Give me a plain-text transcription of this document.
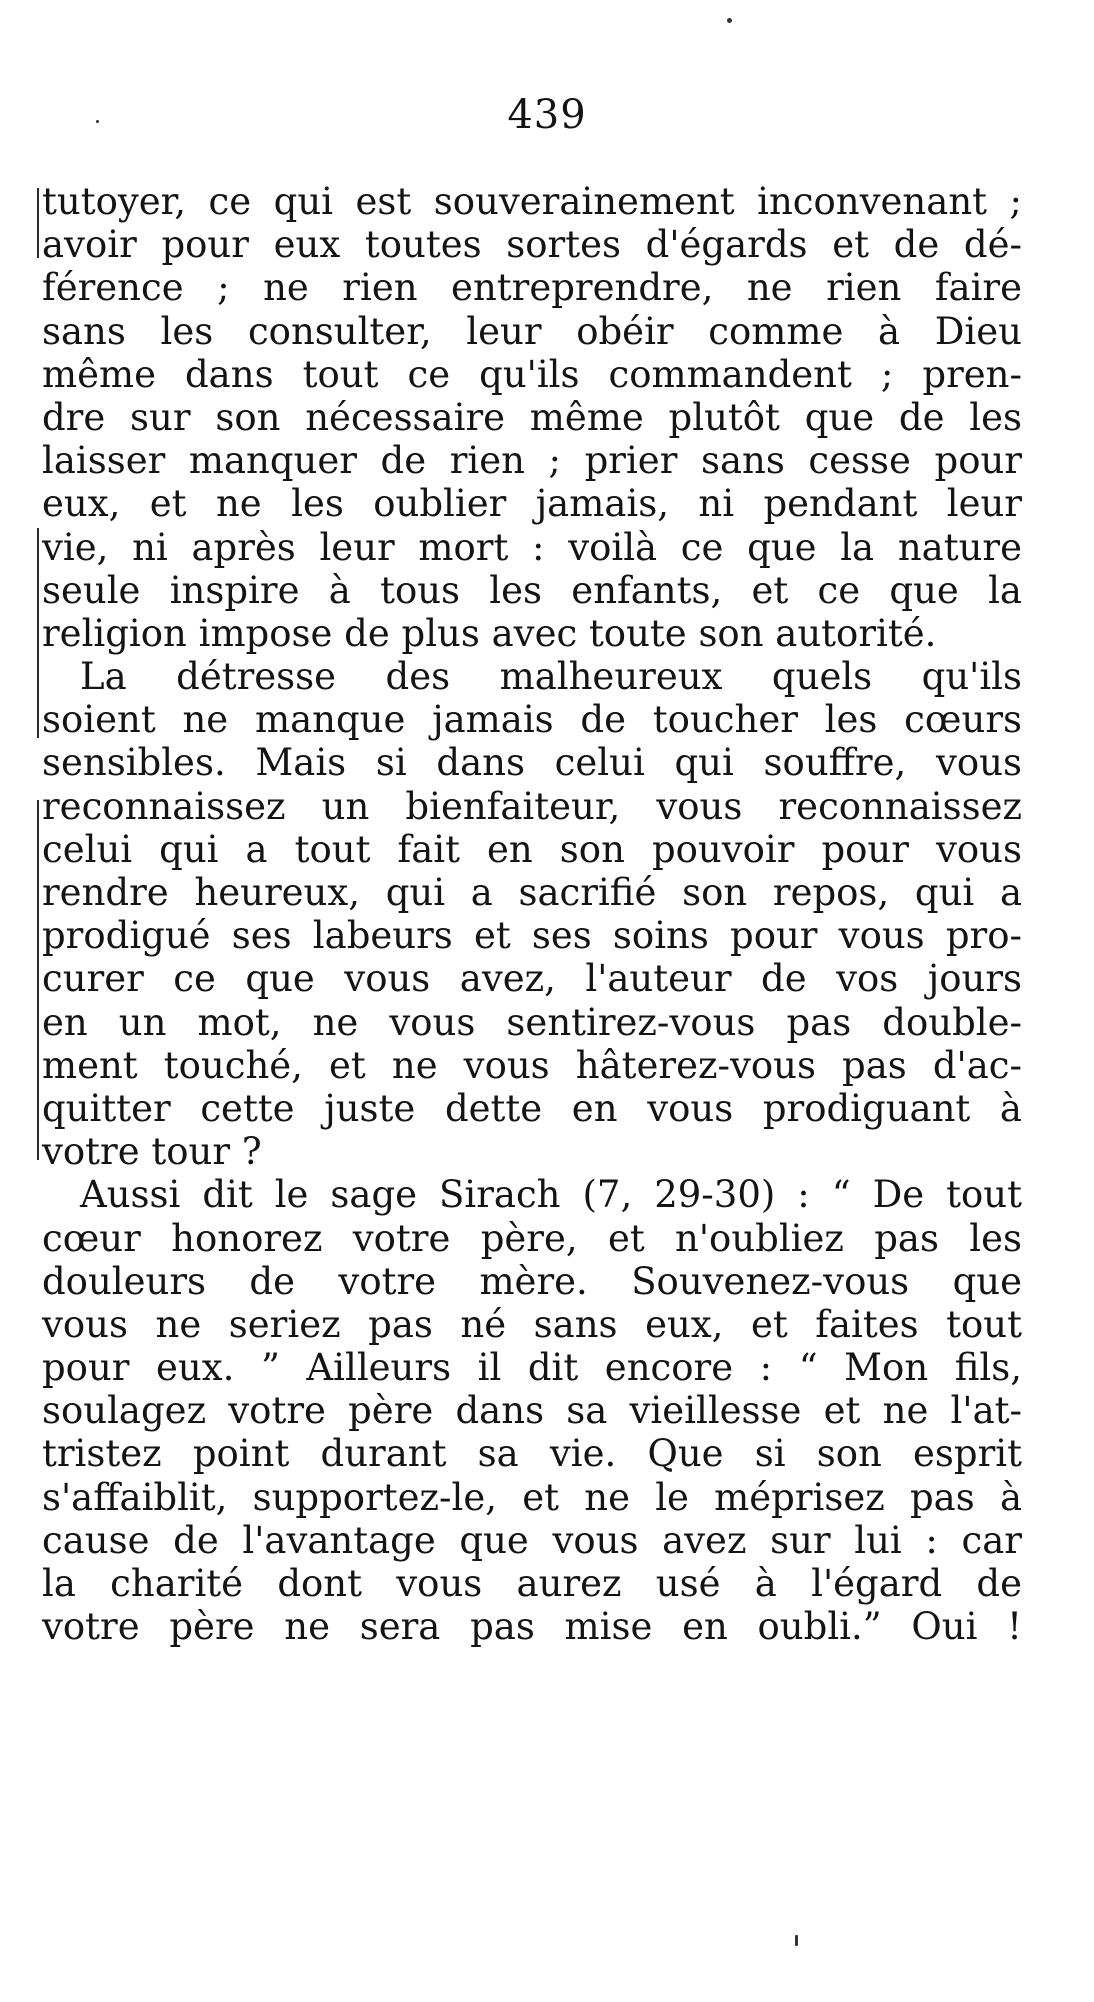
439
tutoyer, ce qui est souverainement inconvenant ;
avoir pour eux toutes sortes d'égards et de dé-
férence ; ne rien entreprendre, ne rien faire
sans les consulter, leur obéir comme à Dieu
même dans tout ce qu'ils commandent ; pren-
dre sur son nécessaire même plutôt que de les
laisser manquer de rien ; prier sans cesse pour
eux, et ne les oublier jamais, ni pendant leur
vie, ni après leur mort : voilà ce que la nature
seule inspire à tous les enfants, et ce que la
religion impose de plus avec toute son autorité.
La détresse des malheureux quels qu'ils
soient ne manque jamais de toucher les cœurs
sensibles. Mais si dans celui qui souffre, vous
reconnaissez un bienfaiteur, vous reconnaissez
celui qui a tout fait en son pouvoir pour vous
rendre heureux, qui a sacrifié son repos, qui a
prodigué ses labeurs et ses soins pour vous pro-
curer ce que vous avez, l'auteur de vos jours
en un mot, ne vous sentirez-vous pas double-
ment touché, et ne vous hâterez-vous pas d'ac-
quitter cette juste dette en vous prodiguant à
votre tour ?
Aussi dit le sage Sirach (7, 29-30) : “ De tout
cœur honorez votre père, et n'oubliez pas les
douleurs de votre mère. Souvenez-vous que
vous ne seriez pas né sans eux, et faites tout
pour eux. ” Ailleurs il dit encore : “ Mon fils,
soulagez votre père dans sa vieillesse et ne l'at-
tristez point durant sa vie. Que si son esprit
s'affaiblit, supportez-le, et ne le méprisez pas à
cause de l'avantage que vous avez sur lui : car
la charité dont vous aurez usé à l'égard de
votre père ne sera pas mise en oubli.” Oui !
